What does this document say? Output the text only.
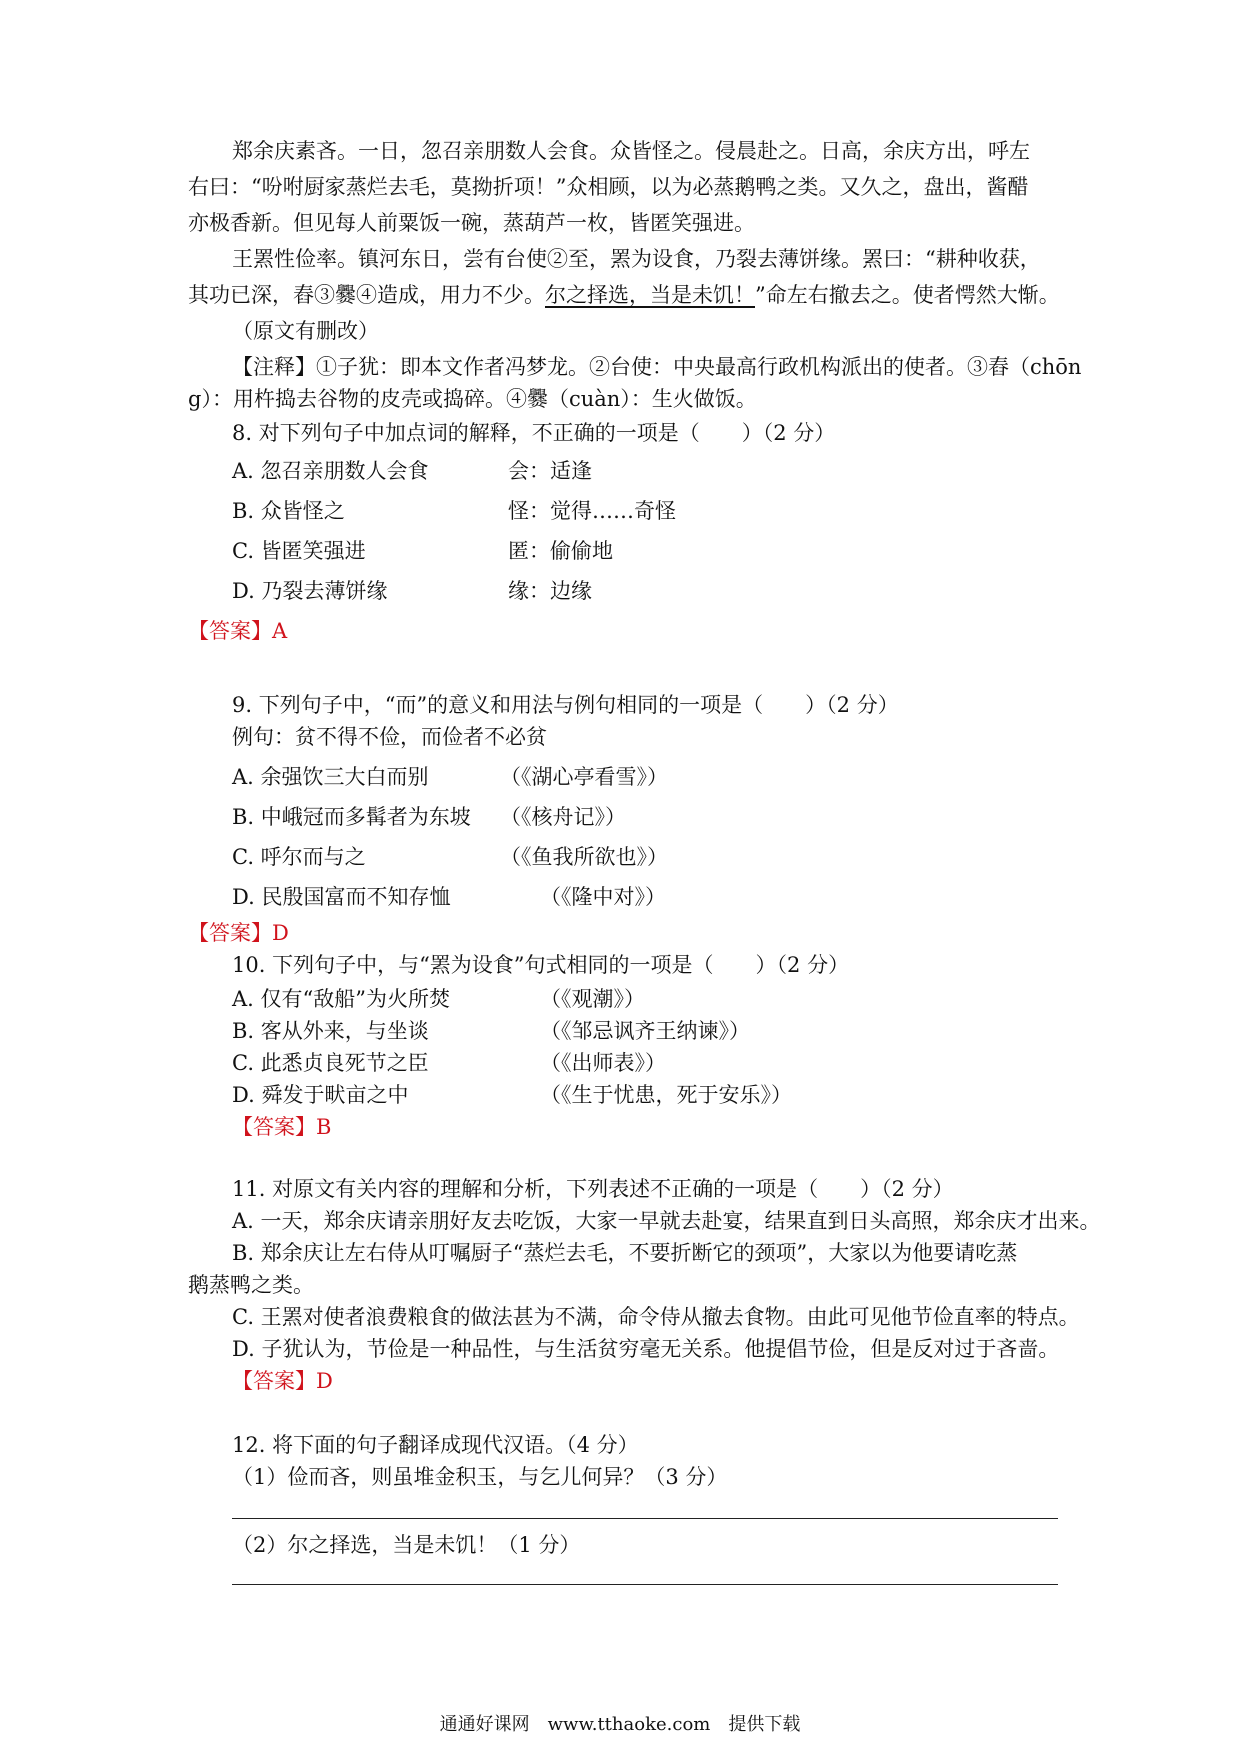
郑余庆素吝。一日，忽召亲朋数人会食。众皆怪之。侵晨赴之。日高，余庆方出，呼左
右曰：“吩咐厨家蒸烂去毛，莫拗折项！”众相顾，以为必蒸鹅鸭之类。又久之，盘出，酱醋
亦极香新。但见每人前粟饭一碗，蒸葫芦一枚，皆匿笑强进。
王罴性俭率。镇河东日，尝有台使②至，罴为设食，乃裂去薄饼缘。罴曰：“耕种收获，
其功已深，舂③爨④造成，用力不少。尔之择选，当是未饥！”命左右撤去之。使者愕然大惭。
（原文有删改）
【注释】①子犹：即本文作者冯梦龙。②台使：中央最高行政机构派出的使者。③舂（chōn
g）：用杵捣去谷物的皮壳或捣碎。④爨（cuàn）：生火做饭。
8. 对下列句子中加点词的解释，不正确的一项是（　　）（2 分）
A. 忽召亲朋数人会食	会：适逢
B. 众皆怪之	怪：觉得……奇怪
C. 皆匿笑强进	匿：偷偷地
D. 乃裂去薄饼缘	缘：边缘
【答案】A
9. 下列句子中，“而”的意义和用法与例句相同的一项是（　　）（2 分）
例句：贫不得不俭，而俭者不必贫
A. 余强饮三大白而别	（《湖心亭看雪》）
B. 中峨冠而多髯者为东坡 （《核舟记》）
C. 呼尔而与之	（《鱼我所欲也》）
D. 民殷国富而不知存恤	（《隆中对》）
【答案】D
10. 下列句子中，与“罴为设食”句式相同的一项是（　　）（2 分）
A. 仅有“敌船”为火所焚	（《观潮》）
B. 客从外来，与坐谈	（《邹忌讽齐王纳谏》）
C. 此悉贞良死节之臣	（《出师表》）
D. 舜发于畎亩之中	（《生于忧患，死于安乐》）
【答案】B
11. 对原文有关内容的理解和分析，下列表述不正确的一项是（　　）（2 分）
A. 一天，郑余庆请亲朋好友去吃饭，大家一早就去赴宴，结果直到日头高照，郑余庆才出来。
B. 郑余庆让左右侍从叮嘱厨子“蒸烂去毛，不要折断它的颈项”，大家以为他要请吃蒸
鹅蒸鸭之类。
C. 王罴对使者浪费粮食的做法甚为不满，命令侍从撤去食物。由此可见他节俭直率的特点。
D. 子犹认为，节俭是一种品性，与生活贫穷毫无关系。他提倡节俭，但是反对过于吝啬。
【答案】D
12. 将下面的句子翻译成现代汉语。（4 分）
（1）俭而吝，则虽堆金积玉，与乞儿何异？（3 分）
（2）尔之择选，当是未饥！（1 分）
通通好课网　www.tthaoke.com　提供下载
